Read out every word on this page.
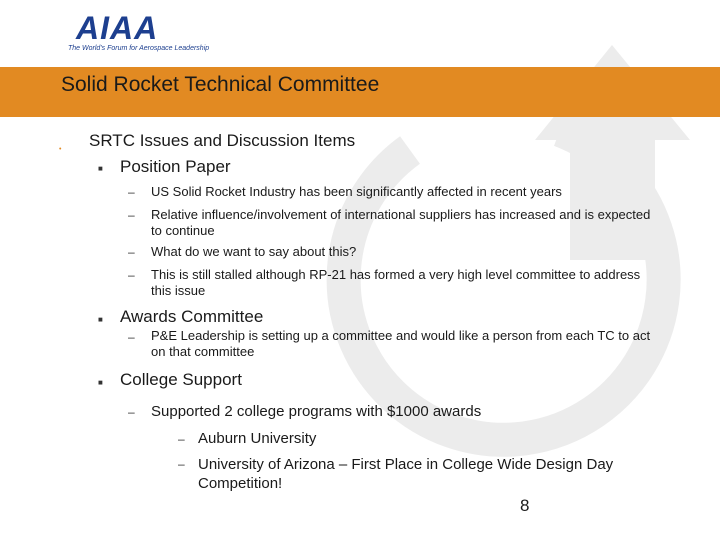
AIAA
The World's Forum for Aerospace Leadership
Solid Rocket Technical Committee
• SRTC Issues and Discussion Items
■ Position Paper
– US Solid Rocket Industry has been significantly affected in recent years
– Relative influence/involvement of international suppliers has increased and is expected to continue
– What do we want to say about this?
– This is still stalled although RP-21 has formed a very high level committee to address this issue
■ Awards Committee
– P&E Leadership is setting up a committee and would like a person from each TC to act on that committee
■ College Support
– Supported 2 college programs with $1000 awards
– Auburn University
– University of Arizona – First Place in College Wide Design Day Competition!
8
